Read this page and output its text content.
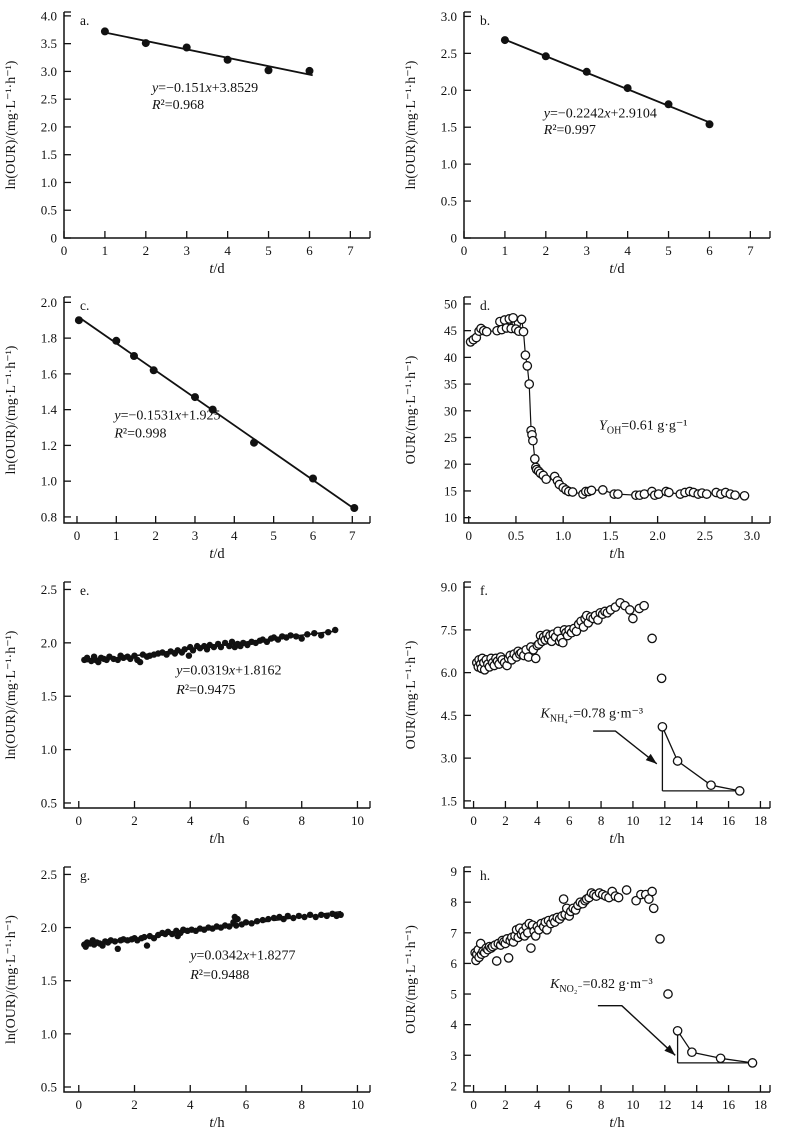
0
0.5
1.0
1.5
2.0
2.5
3.0
3.5
4.0
0	1	2	3	4	5	6	7
t/d
ln(OUR)/(mg·L⁻¹·h⁻¹)
a.
y=−0.151x+3.8529
R²=0.968
0
0.5
1.0
1.5
2.0
2.5
3.0
0	1	2	3	4	5	6	7
t/d
ln(OUR)/(mg·L⁻¹·h⁻¹)
b.
y=−0.2242x+2.9104
R²=0.997
0.8
1.0
1.2
1.4
1.6
1.8
2.0
0	1	2	3	4	5	6	7
t/d
ln(OUR)/(mg·L⁻¹·h⁻¹)
c.
y=−0.1531x+1.925
R²=0.998
10
15
20
25
30
35
40
45
50
0	0.5 1.0 1.5 2.0 2.5 3.0
t/h
OUR/(mg·L⁻¹·h⁻¹)
d.
$Y_{OH}=0.61$ g·g⁻¹
0.5
1.0
1.5
2.0
2.5
0	2	4	6	8	10
t/h
ln(OUR)/(mg·L⁻¹·h⁻¹)
e.
y=0.0319x+1.8162
R²=0.9475
1.5
3.0
4.5
6.0
7.5
9.0
0 2 4 6 8 10 12 14 16 18
t/h
OUR/(mg·L⁻¹·h⁻¹)
f.
$K_{NH_4^+}=0.78$ g·m⁻³
0.5
1.0
1.5
2.0
2.5
0	2	4	6	8	10
t/h
ln(OUR)/(mg·L⁻¹·h⁻¹)
g.
y=0.0342x+1.8277
R²=0.9488
2
3
4
5
6
7
8
9
0 2 4 6 8 10 12 14 16 18
t/h
OUR/(mg·L⁻¹·h⁻¹)
h.
$K_{NO_2^-}=0.82$ g·m⁻³
